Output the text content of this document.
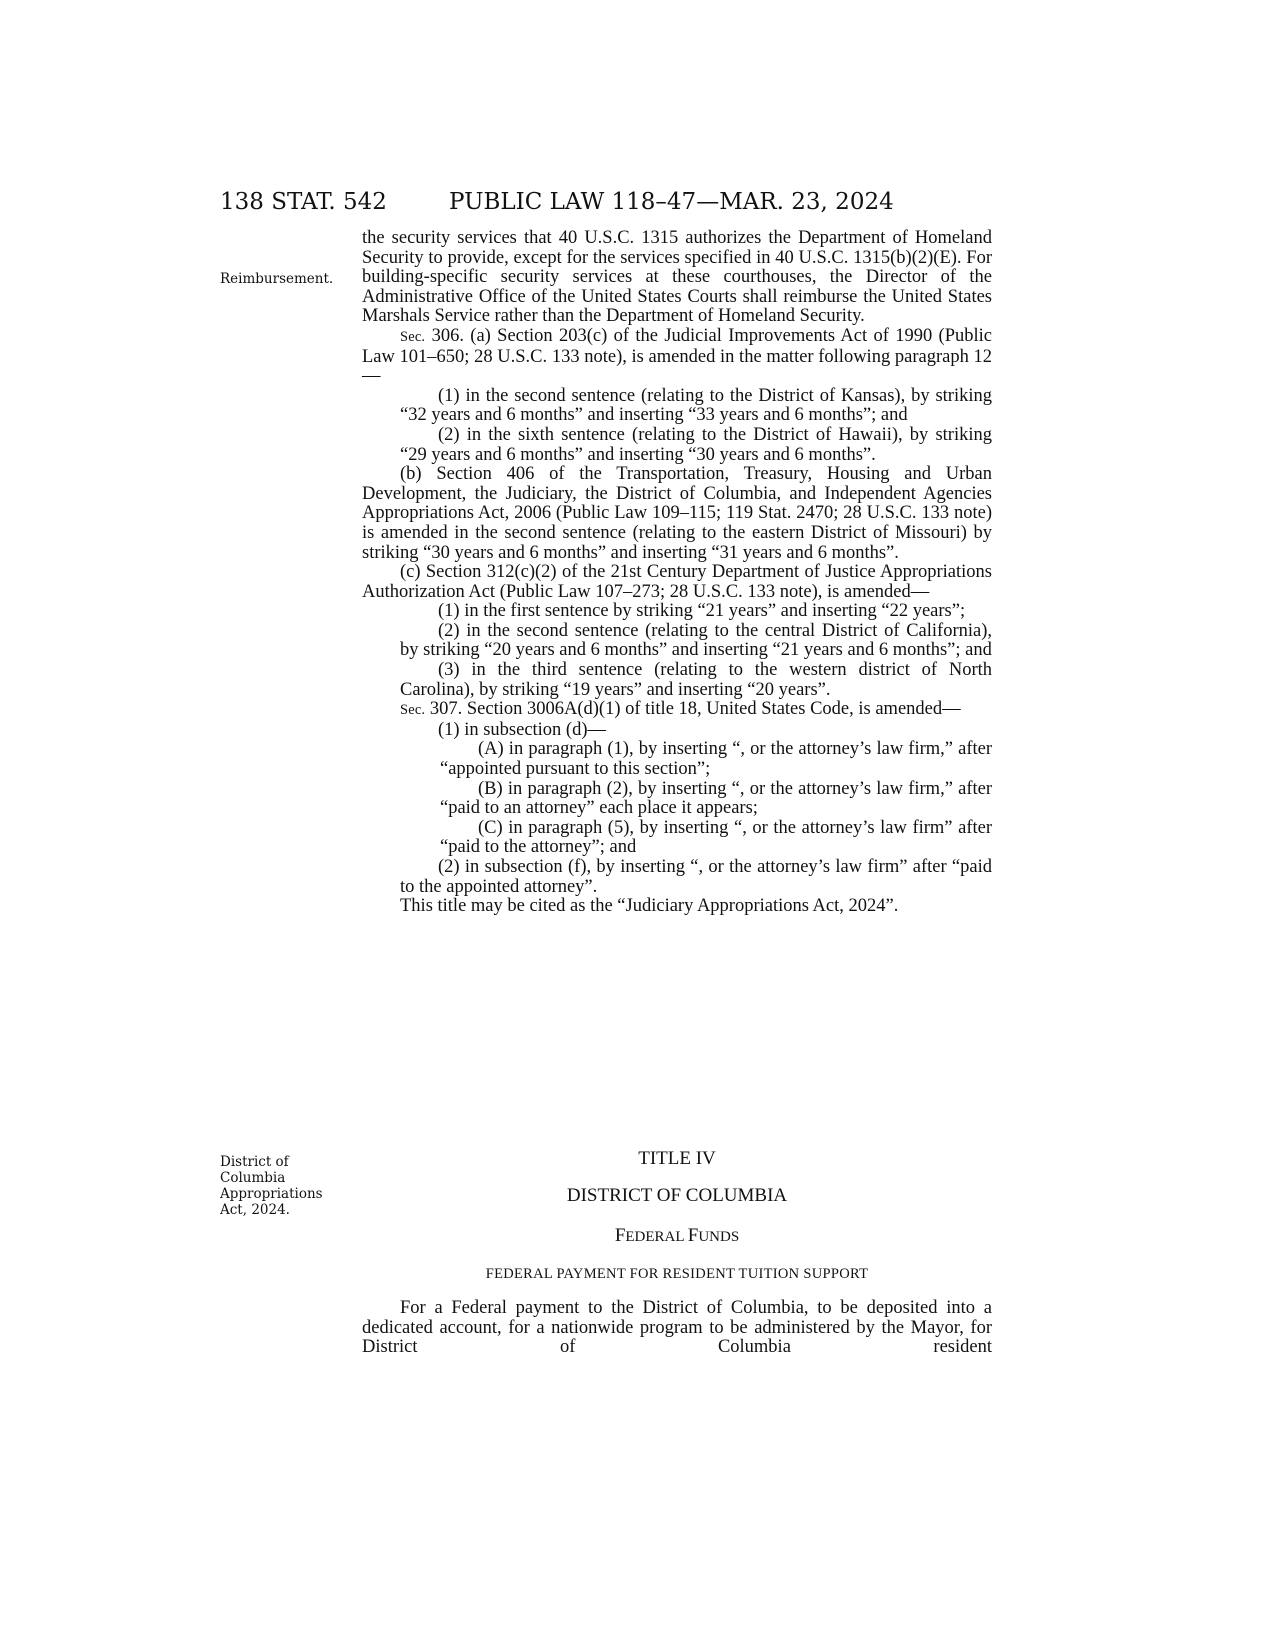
138 STAT. 542	PUBLIC LAW 118–47—MAR. 23, 2024
Reimbursement.
District of Columbia Appropriations Act, 2024.

the security services that 40 U.S.C. 1315 authorizes the Department of Homeland Security to provide, except for the services specified in 40 U.S.C. 1315(b)(2)(E). For building-specific security services at these courthouses, the Director of the Administrative Office of the United States Courts shall reimburse the United States Marshals Service rather than the Department of Homeland Security.

Sec. 306. (a) Section 203(c) of the Judicial Improvements Act of 1990 (Public Law 101–650; 28 U.S.C. 133 note), is amended in the matter following paragraph 12—

(1) in the second sentence (relating to the District of Kansas), by striking “32 years and 6 months” and inserting “33 years and 6 months”; and

(2) in the sixth sentence (relating to the District of Hawaii), by striking “29 years and 6 months” and inserting “30 years and 6 months”.

(b) Section 406 of the Transportation, Treasury, Housing and Urban Development, the Judiciary, the District of Columbia, and Independent Agencies Appropriations Act, 2006 (Public Law 109–115; 119 Stat. 2470; 28 U.S.C. 133 note) is amended in the second sentence (relating to the eastern District of Missouri) by striking “30 years and 6 months” and inserting “31 years and 6 months”.

(c) Section 312(c)(2) of the 21st Century Department of Justice Appropriations Authorization Act (Public Law 107–273; 28 U.S.C. 133 note), is amended—

(1) in the first sentence by striking “21 years” and inserting “22 years”;

(2) in the second sentence (relating to the central District of California), by striking “20 years and 6 months” and inserting “21 years and 6 months”; and

(3) in the third sentence (relating to the western district of North Carolina), by striking “19 years” and inserting “20 years”.

Sec. 307. Section 3006A(d)(1) of title 18, United States Code, is amended—

(1) in subsection (d)—

(A) in paragraph (1), by inserting “, or the attorney’s law firm,” after “appointed pursuant to this section”;

(B) in paragraph (2), by inserting “, or the attorney’s law firm,” after “paid to an attorney” each place it appears;

(C) in paragraph (5), by inserting “, or the attorney’s law firm” after “paid to the attorney”; and

(2) in subsection (f), by inserting “, or the attorney’s law firm” after “paid to the appointed attorney”.

This title may be cited as the “Judiciary Appropriations Act, 2024”.

TITLE IV
DISTRICT OF COLUMBIA
FEDERAL FUNDS
FEDERAL PAYMENT FOR RESIDENT TUITION SUPPORT

For a Federal payment to the District of Columbia, to be deposited into a dedicated account, for a nationwide program to be administered by the Mayor, for District of Columbia resident
